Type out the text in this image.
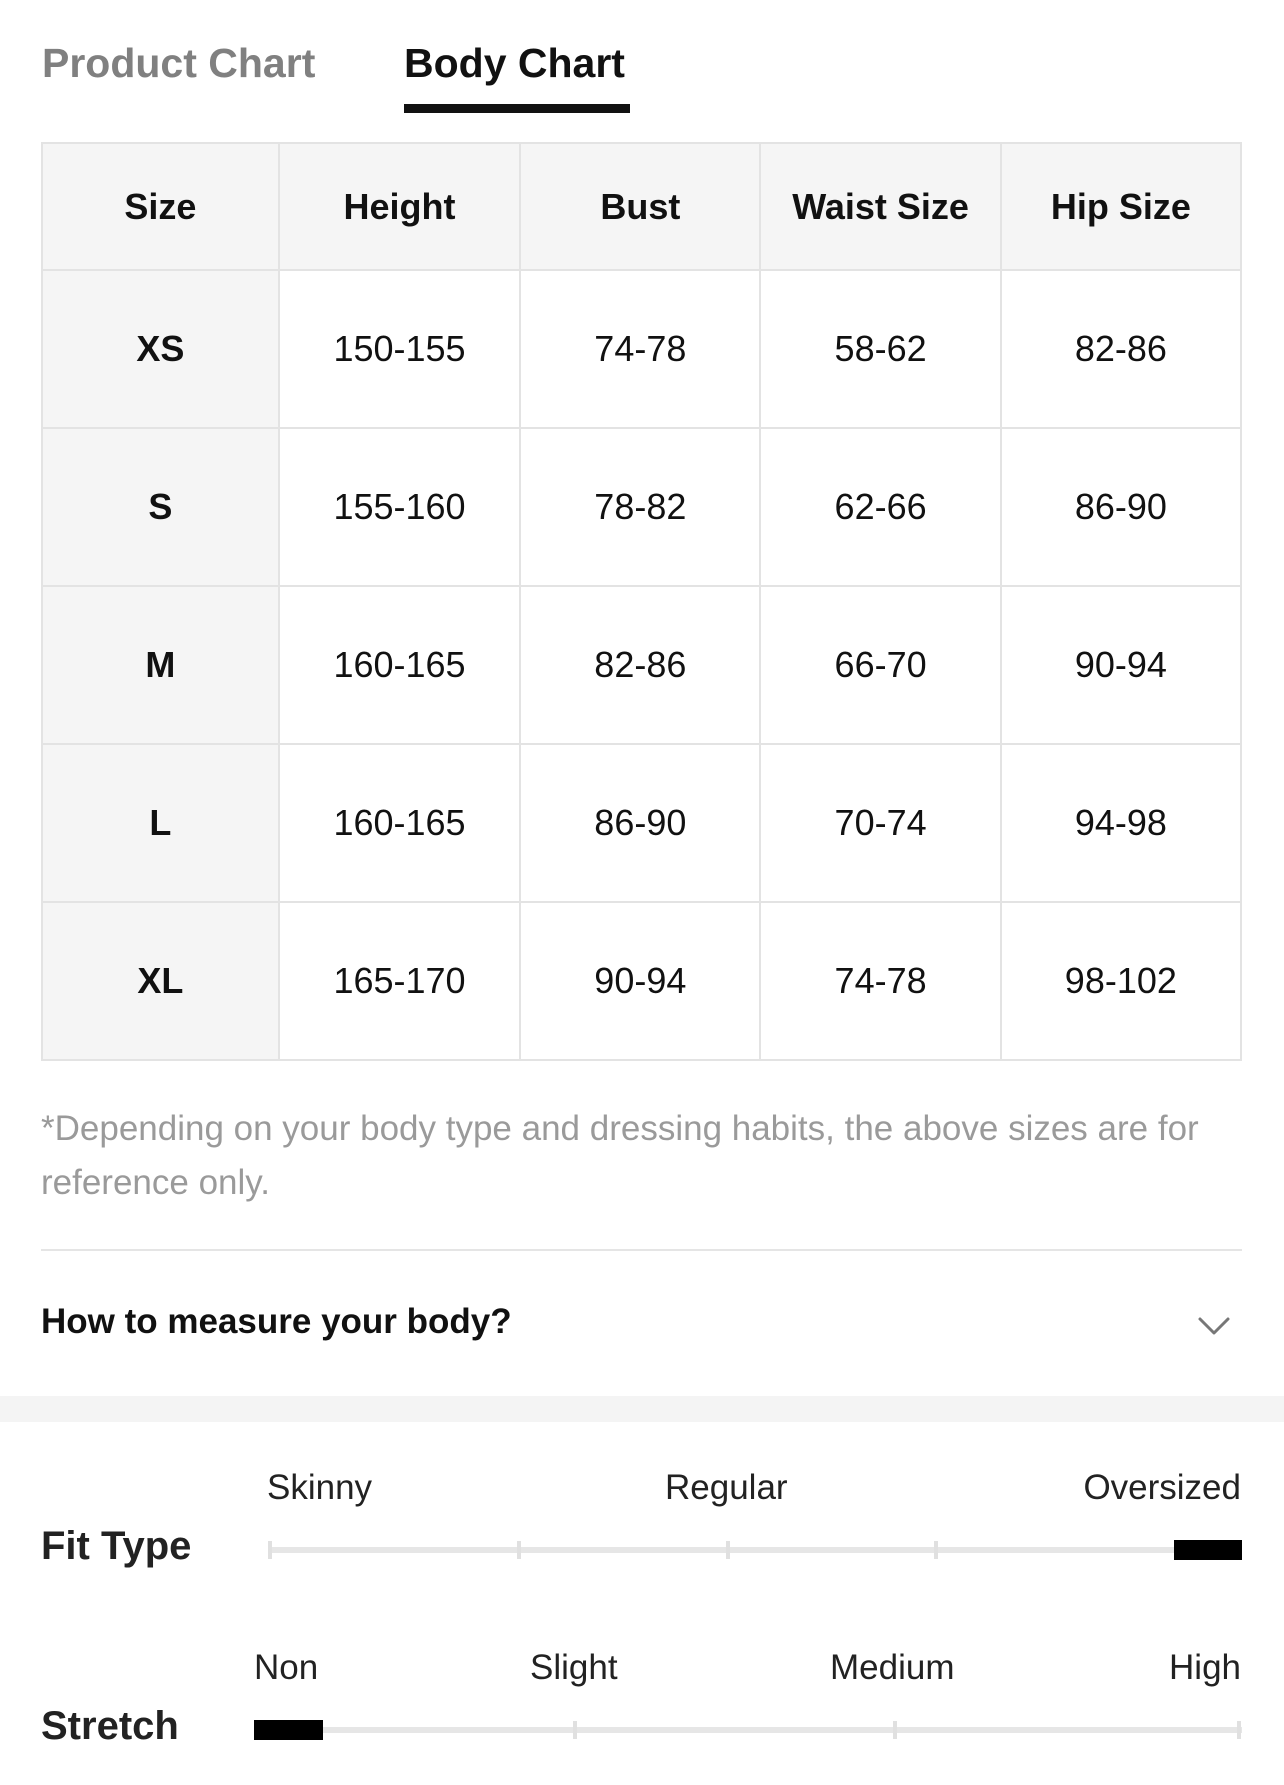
Product Chart Body Chart
Size	Height	Bust	Waist Size	Hip Size
XS	150-155	74-78	58-62	82-86
S	155-160	78-82	62-66	86-90
M	160-165	82-86	66-70	90-94
L	160-165	86-90	70-74	94-98
XL	165-170	90-94	74-78	98-102
*Depending on your body type and dressing habits, the above sizes are for reference only.
How to measure your body?
Skinny	Regular	Oversized
Fit Type
Non	Slight	Medium	High
Stretch
